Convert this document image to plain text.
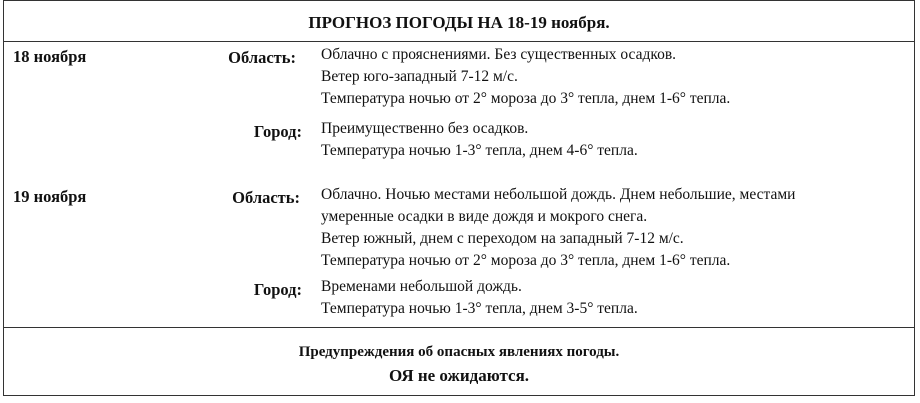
ПРОГНОЗ ПОГОДЫ НА 18-19 ноября.
18 ноября	Область: Облачно с прояснениями. Без существенных осадков.
Ветер юго-западный 7-12 м/с.
Температура ночью от 2° мороза до 3° тепла, днем 1-6° тепла.
Город: Преимущественно без осадков.
Температура ночью 1-3° тепла, днем 4-6° тепла.
19 ноября	Область: Облачно. Ночью местами небольшой дождь. Днем небольшие, местами
умеренные осадки в виде дождя и мокрого снега.
Ветер южный, днем с переходом на западный 7-12 м/с.
Температура ночью от 2° мороза до 3° тепла, днем 1-6° тепла.
Город: Временами небольшой дождь.
Температура ночью 1-3° тепла, днем 3-5° тепла.
Предупреждения об опасных явлениях погоды.
ОЯ не ожидаются.
